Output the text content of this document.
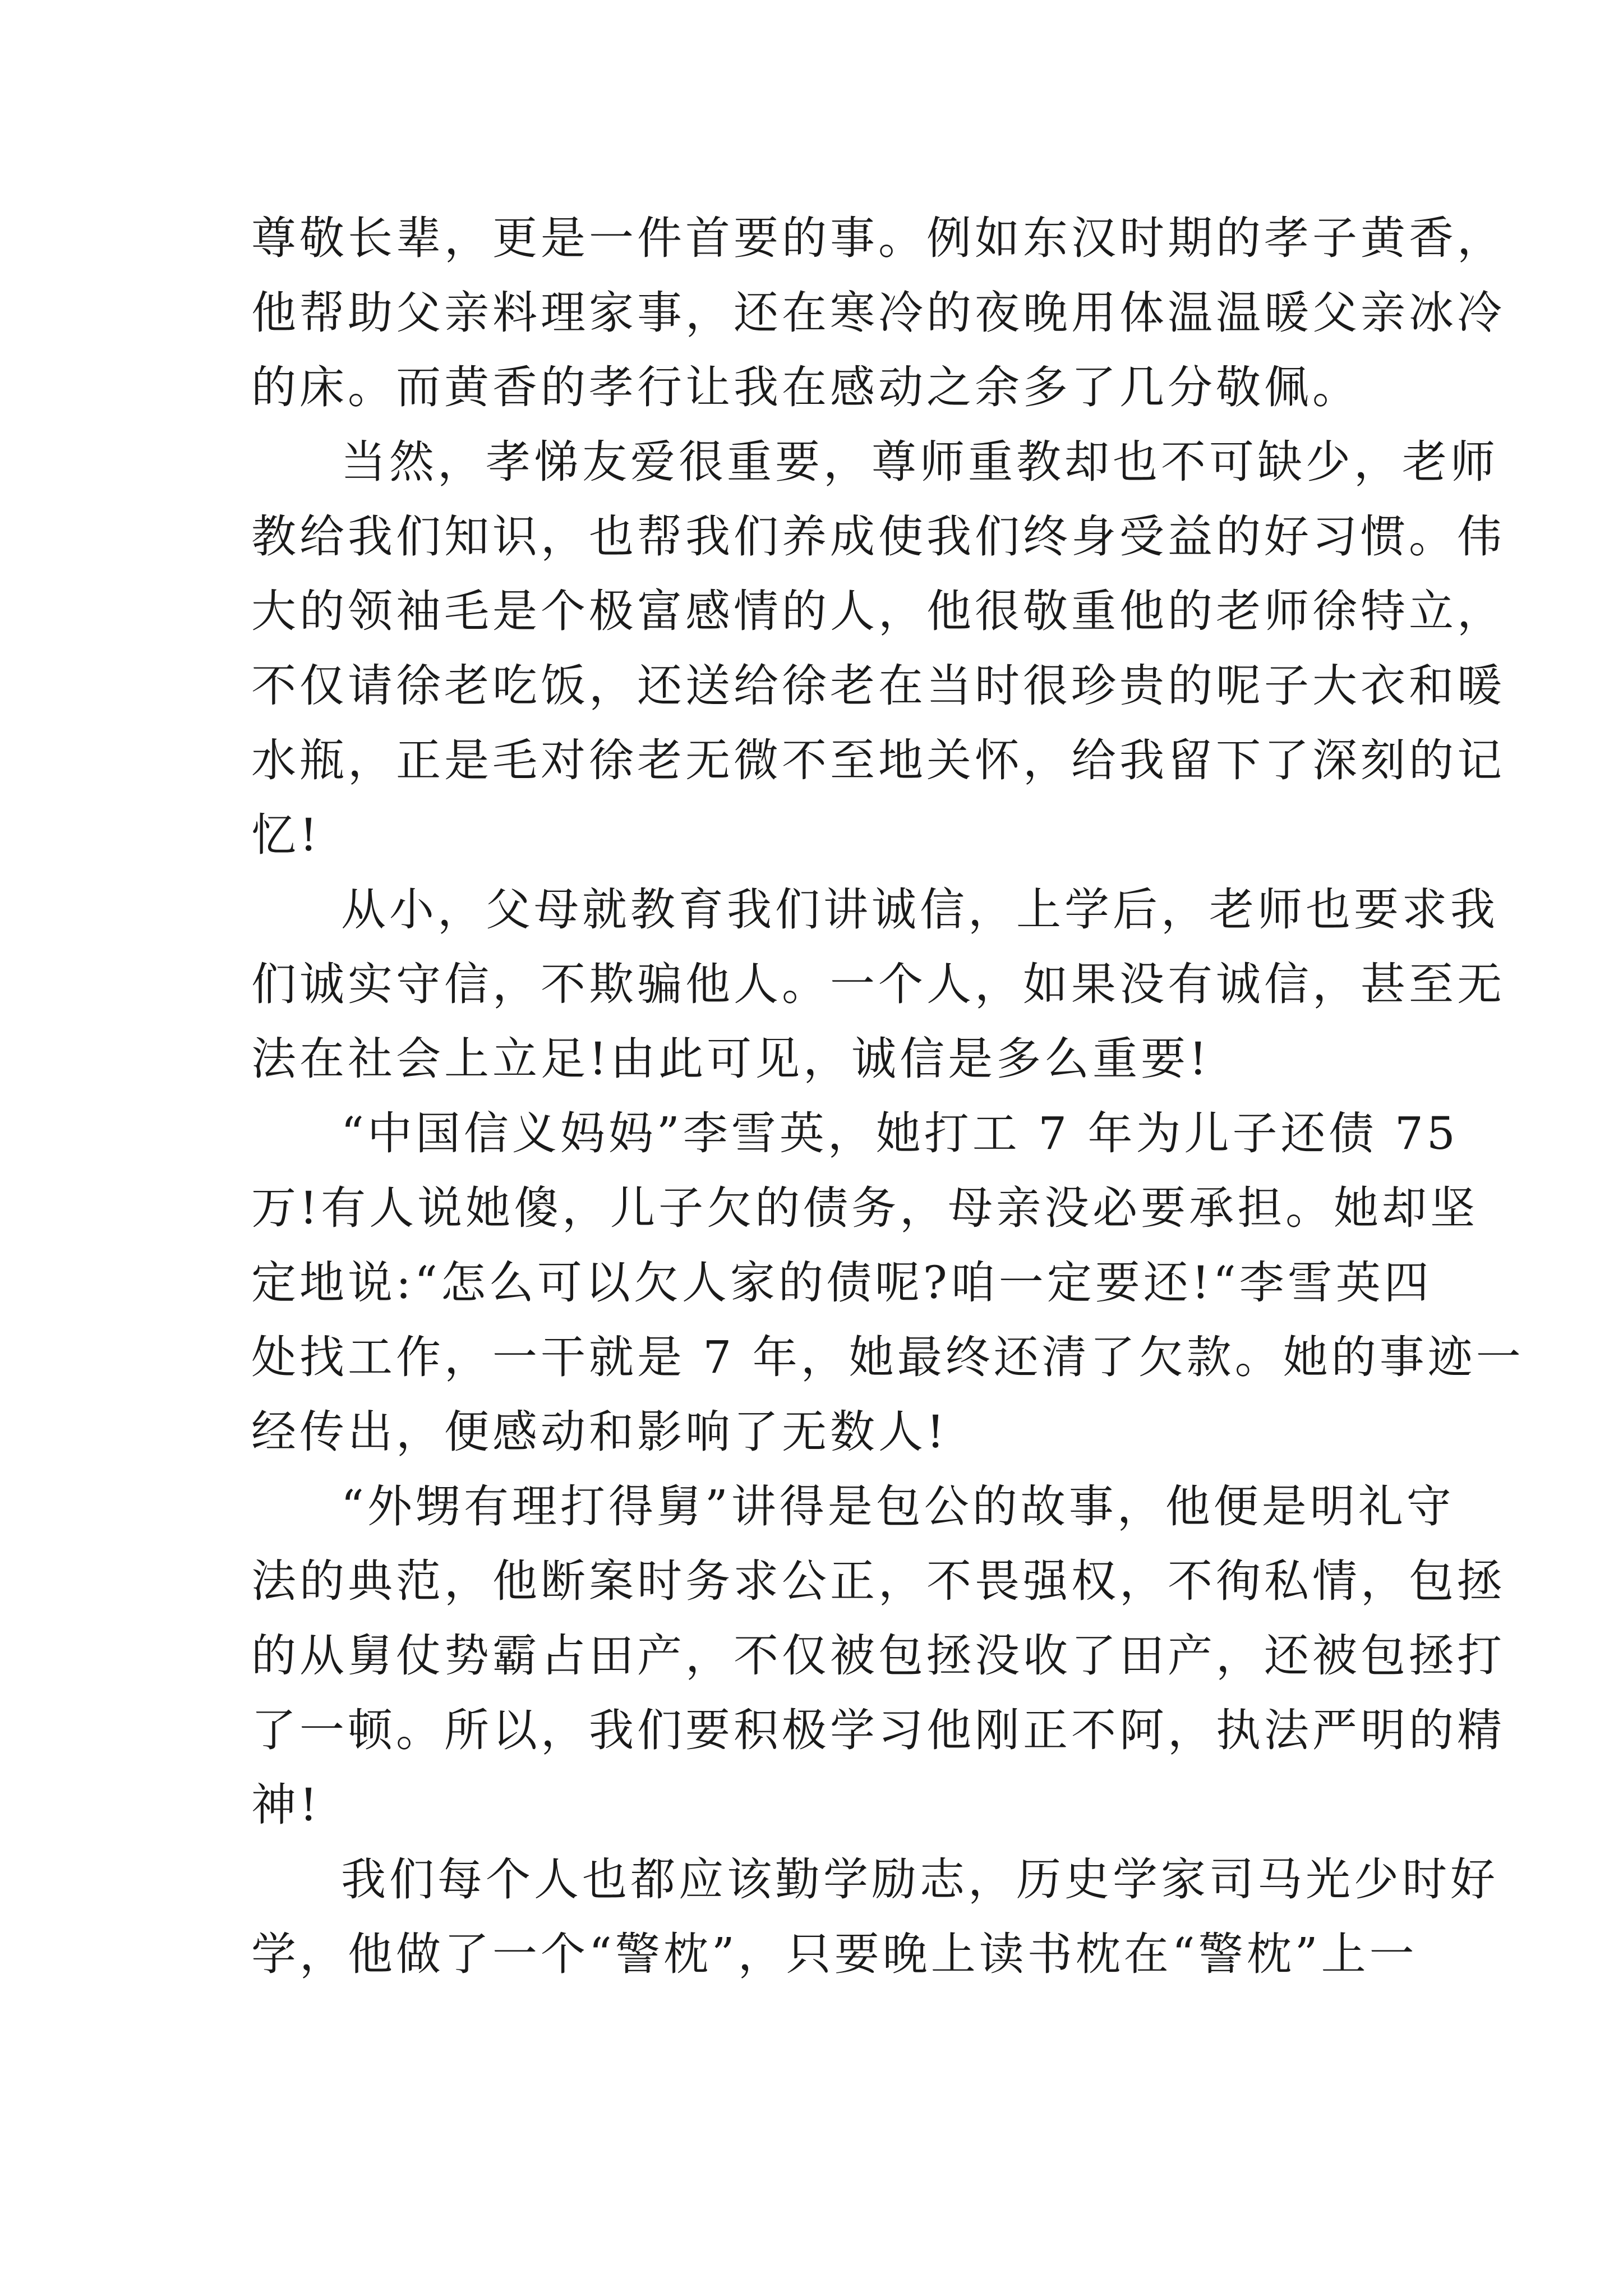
尊敬长辈，更是一件首要的事。例如东汉时期的孝子黄香，
他帮助父亲料理家事，还在寒冷的夜晚用体温温暖父亲冰冷
的床。而黄香的孝行让我在感动之余多了几分敬佩。
当然，孝悌友爱很重要，尊师重教却也不可缺少，老师
教给我们知识，也帮我们养成使我们终身受益的好习惯。伟
大的领袖毛是个极富感情的人，他很敬重他的老师徐特立，
不仅请徐老吃饭，还送给徐老在当时很珍贵的呢子大衣和暖
水瓶，正是毛对徐老无微不至地关怀，给我留下了深刻的记
忆!
从小，父母就教育我们讲诚信，上学后，老师也要求我
们诚实守信，不欺骗他人。一个人，如果没有诚信，甚至无
法在社会上立足!由此可见，诚信是多么重要!
“中国信义妈妈”李雪英，她打工 7 年为儿子还债 75
万!有人说她傻，儿子欠的债务，母亲没必要承担。她却坚
定地说:“怎么可以欠人家的债呢?咱一定要还!“李雪英四
处找工作，一干就是 7 年，她最终还清了欠款。她的事迹一
经传出，便感动和影响了无数人!
“外甥有理打得舅”讲得是包公的故事，他便是明礼守
法的典范，他断案时务求公正，不畏强权，不徇私情，包拯
的从舅仗势霸占田产，不仅被包拯没收了田产，还被包拯打
了一顿。所以，我们要积极学习他刚正不阿，执法严明的精
神!
我们每个人也都应该勤学励志，历史学家司马光少时好
学，他做了一个“警枕”，只要晚上读书枕在“警枕”上一
